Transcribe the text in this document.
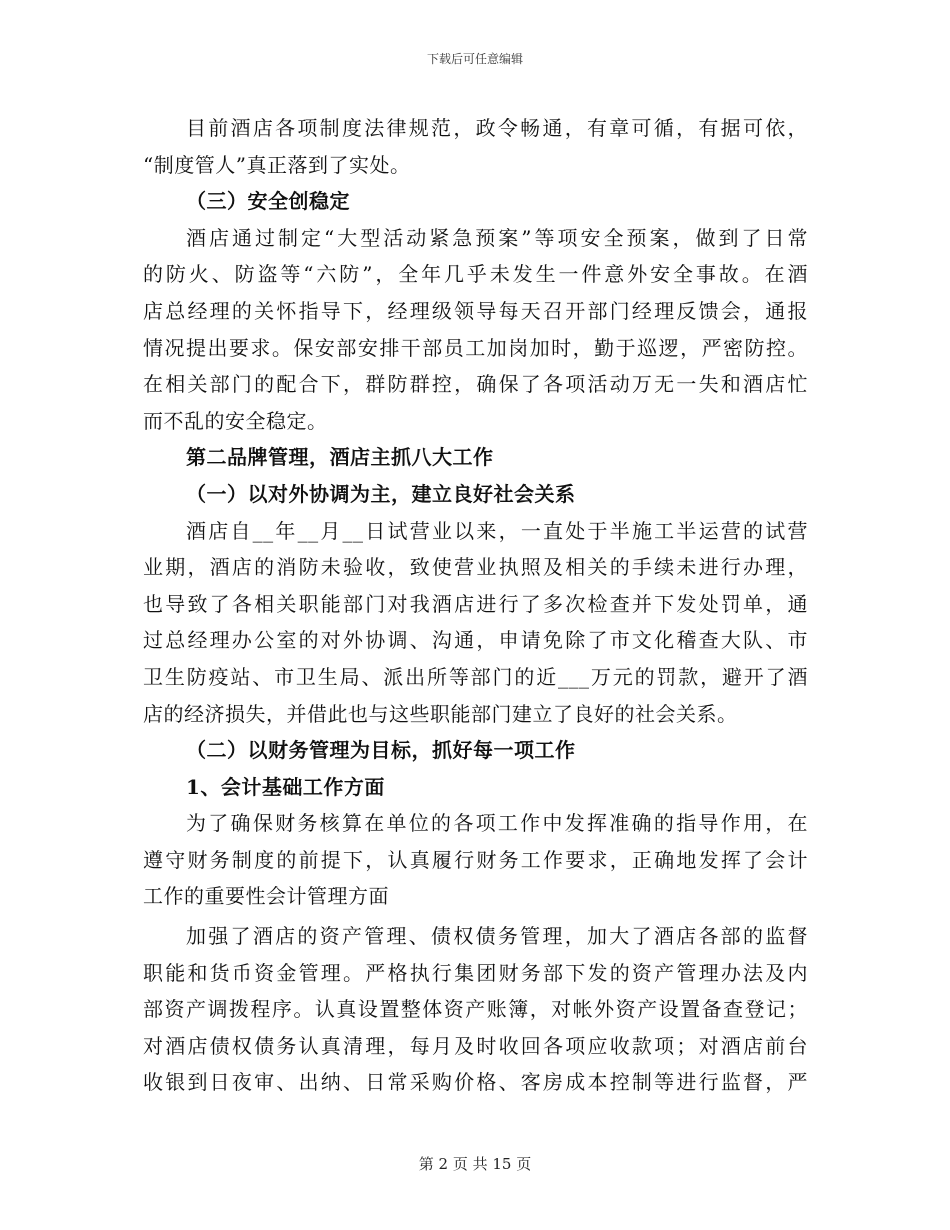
下载后可任意编辑
目前酒店各项制度法律规范，政令畅通，有章可循，有据可依，
“制度管人”真正落到了实处。
（三）安全创稳定
酒店通过制定“大型活动紧急预案”等项安全预案，做到了日常
的防火、防盗等“六防”，全年几乎未发生一件意外安全事故。在酒
店总经理的关怀指导下，经理级领导每天召开部门经理反馈会，通报
情况提出要求。保安部安排干部员工加岗加时，勤于巡逻，严密防控。
在相关部门的配合下，群防群控，确保了各项活动万无一失和酒店忙
而不乱的安全稳定。
第二品牌管理，酒店主抓八大工作
（一）以对外协调为主，建立良好社会关系
酒店自__年__月__日试营业以来，一直处于半施工半运营的试营
业期，酒店的消防未验收，致使营业执照及相关的手续未进行办理，
也导致了各相关职能部门对我酒店进行了多次检查并下发处罚单，通
过总经理办公室的对外协调、沟通，申请免除了市文化稽查大队、市
卫生防疫站、市卫生局、派出所等部门的近___万元的罚款，避开了酒
店的经济损失，并借此也与这些职能部门建立了良好的社会关系。
（二）以财务管理为目标，抓好每一项工作
1、会计基础工作方面
为了确保财务核算在单位的各项工作中发挥准确的指导作用，在
遵守财务制度的前提下，认真履行财务工作要求，正确地发挥了会计
工作的重要性会计管理方面
加强了酒店的资产管理、债权债务管理，加大了酒店各部的监督
职能和货币资金管理。严格执行集团财务部下发的资产管理办法及内
部资产调拨程序。认真设置整体资产账簿，对帐外资产设置备查登记；
对酒店债权债务认真清理，每月及时收回各项应收款项；对酒店前台
收银到日夜审、出纳、日常采购价格、客房成本控制等进行监督，严
第 2 页 共 15 页
